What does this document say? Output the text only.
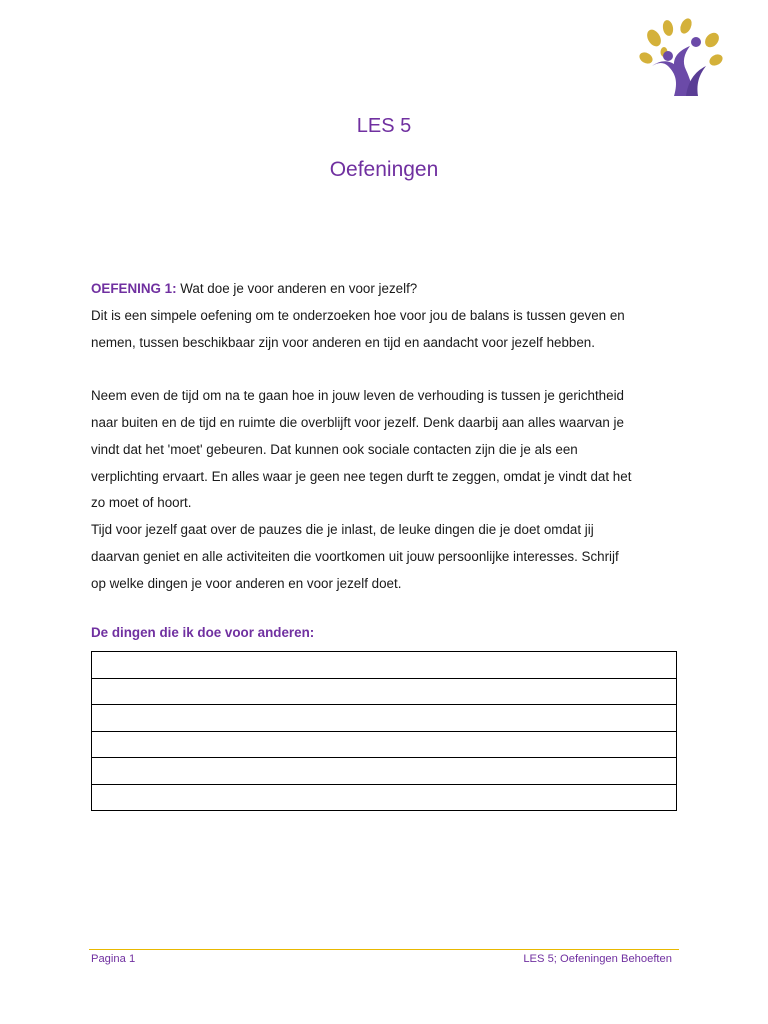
LES 5
Oefeningen

OEFENING 1: Wat doe je voor anderen en voor jezelf?

Dit is een simpele oefening om te onderzoeken hoe voor jou de balans is tussen geven en

nemen, tussen beschikbaar zijn voor anderen en tijd en aandacht voor jezelf hebben.

Neem even de tijd om na te gaan hoe in jouw leven de verhouding is tussen je gerichtheid

naar buiten en de tijd en ruimte die overblijft voor jezelf. Denk daarbij aan alles waarvan je

vindt dat het 'moet' gebeuren. Dat kunnen ook sociale contacten zijn die je als een

verplichting ervaart. En alles waar je geen nee tegen durft te zeggen, omdat je vindt dat het

zo moet of hoort.

Tijd voor jezelf gaat over de pauzes die je inlast, de leuke dingen die je doet omdat jij

daarvan geniet en alle activiteiten die voortkomen uit jouw persoonlijke interesses. Schrijf

op welke dingen je voor anderen en voor jezelf doet.

De dingen die ik doe voor anderen:

Pagina 1	LES 5; Oefeningen Behoeften
